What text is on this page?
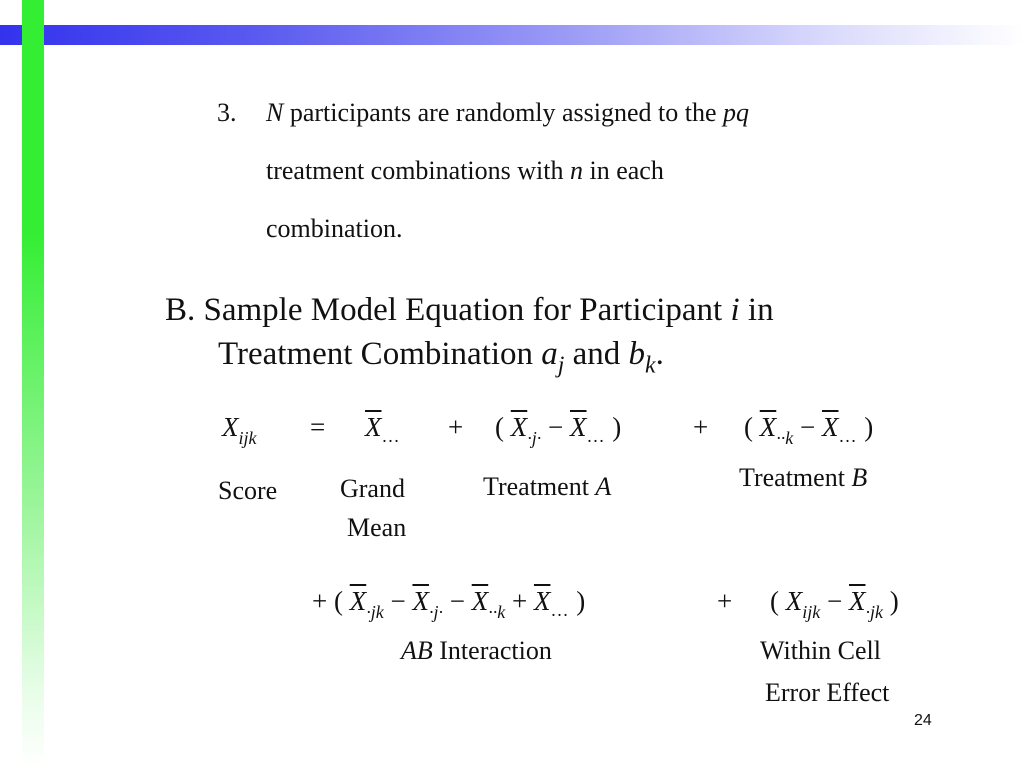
3. N participants are randomly assigned to the pq
treatment combinations with n in each
combination.
B. Sample Model Equation for Participant i in
Treatment Combination $a_j$ and $b_k$.
$X_{ijk} = \overline{X}_\dots$ + ( $\overline{X}_{\cdot j\cdot} - \overline{X}_\dots$ )	+ ( $\overline{X}_{\cdot\cdot k} - \overline{X}_\dots$ )
Score Grand
Mean
Treatment A	Treatment B
+ ( $\overline{X}_{\cdot jk} - \overline{X}_{\cdot j\cdot} - \overline{X}_{\cdot\cdot k} + \overline{X}_\dots$ )	+ ( $X_{ijk} - \overline{X}_{\cdot jk}$ )
AB Interaction	Within Cell
Error Effect
24
